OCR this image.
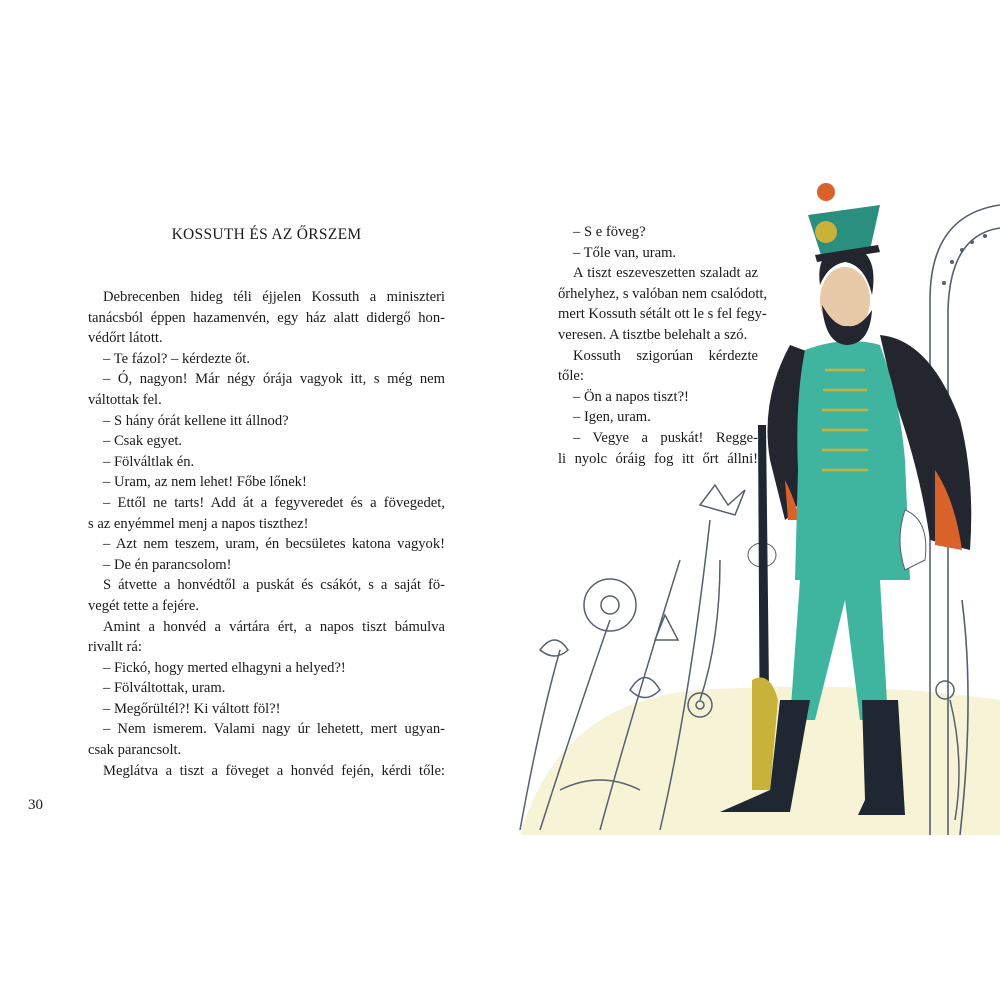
KOSSUTH ÉS AZ ŐRSZEM
Debrecenben hideg téli éjjelen Kossuth a miniszteri
tanácsból éppen hazamenvén, egy ház alatt didergő hon-
védőrt látott.
– Te fázol? – kérdezte őt.
– Ó, nagyon! Már négy órája vagyok itt, s még nem
váltottak fel.
– S hány órát kellene itt állnod?
– Csak egyet.
– Fölváltlak én.
– Uram, az nem lehet! Főbe lőnek!
– Ettől ne tarts! Add át a fegyveredet és a fövegedet,
s az enyémmel menj a napos tiszthez!
– Azt nem teszem, uram, én becsületes katona vagyok!
– De én parancsolom!
S átvette a honvédtől a puskát és csákót, s a saját fö-
vegét tette a fejére.
Amint a honvéd a vártára ért, a napos tiszt bámulva
rivallt rá:
– Fickó, hogy merted elhagyni a helyed?!
– Fölváltottak, uram.
– Megőrültél?! Ki váltott föl?!
– Nem ismerem. Valami nagy úr lehetett, mert ugyan-
csak parancsolt.
Meglátva a tiszt a föveget a honvéd fején, kérdi tőle:
30
– S e föveg?
– Tőle van, uram.
A tiszt eszeveszetten szaladt az
őrhelyhez, s valóban nem csalódott,
mert Kossuth sétált ott le s fel fegy-
veresen. A tisztbe belehalt a szó.
Kossuth szigorúan kérdezte
tőle:
– Ön a napos tiszt?!
– Igen, uram.
– Vegye a puskát! Regge-
li nyolc óráig fog itt őrt állni!
